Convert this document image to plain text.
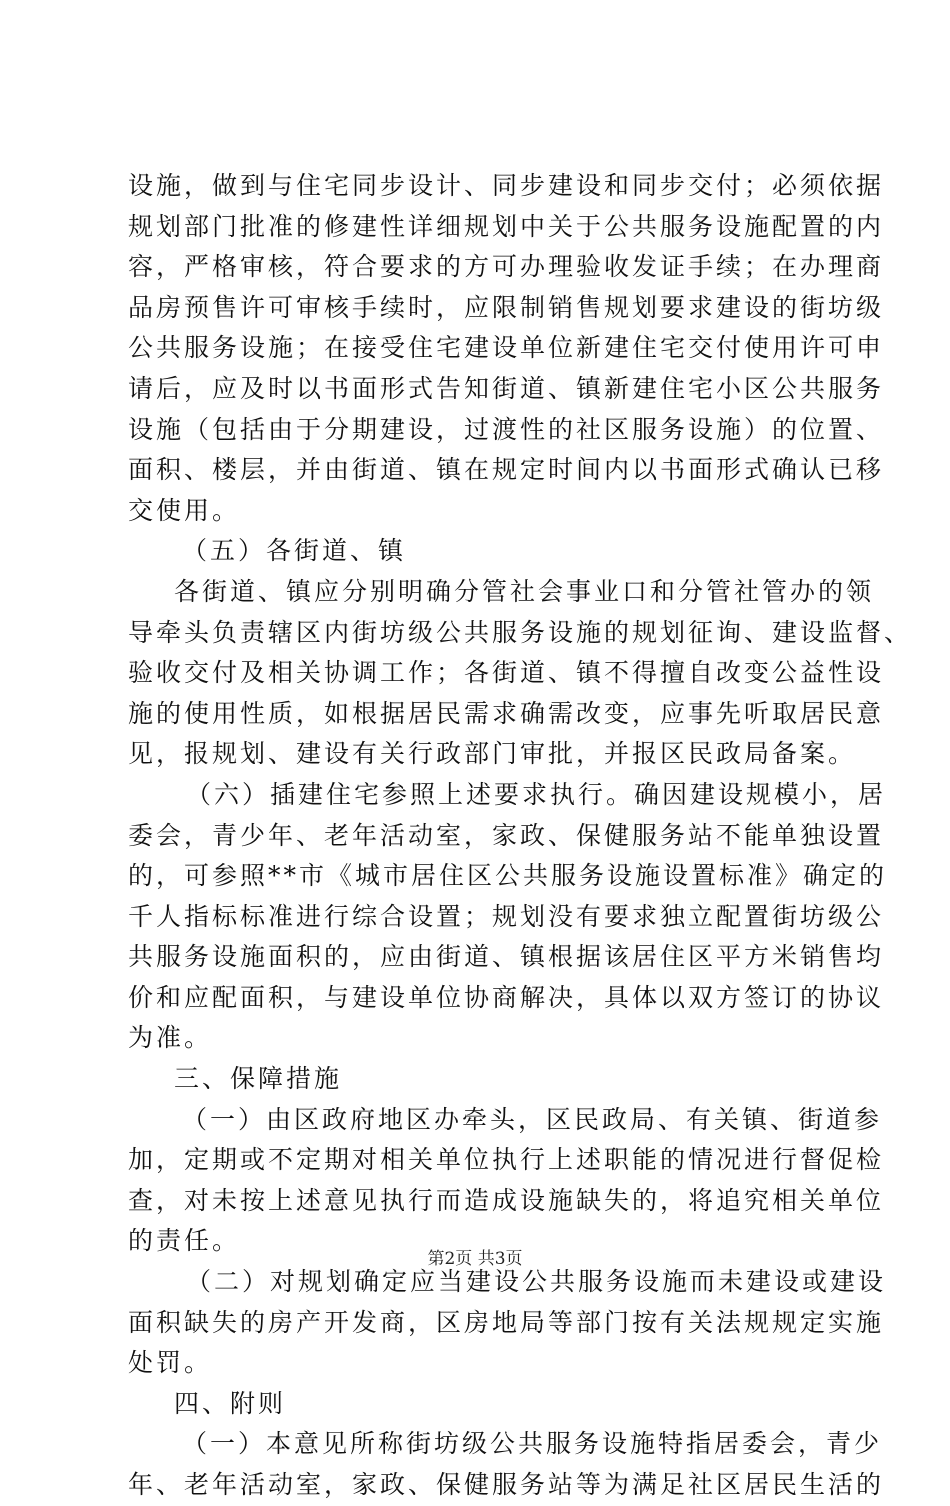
设施，做到与住宅同步设计、同步建设和同步交付；必须依据
规划部门批准的修建性详细规划中关于公共服务设施配置的内
容，严格审核，符合要求的方可办理验收发证手续；在办理商
品房预售许可审核手续时，应限制销售规划要求建设的街坊级
公共服务设施；在接受住宅建设单位新建住宅交付使用许可申
请后，应及时以书面形式告知街道、镇新建住宅小区公共服务
设施（包括由于分期建设，过渡性的社区服务设施）的位置、
面积、楼层，并由街道、镇在规定时间内以书面形式确认已移
交使用。
（五）各街道、镇
各街道、镇应分别明确分管社会事业口和分管社管办的领
导牵头负责辖区内街坊级公共服务设施的规划征询、建设监督、
验收交付及相关协调工作；各街道、镇不得擅自改变公益性设
施的使用性质，如根据居民需求确需改变，应事先听取居民意
见，报规划、建设有关行政部门审批，并报区民政局备案。
（六）插建住宅参照上述要求执行。确因建设规模小，居
委会，青少年、老年活动室，家政、保健服务站不能单独设置
的，可参照**市《城市居住区公共服务设施设置标准》确定的
千人指标标准进行综合设置；规划没有要求独立配置街坊级公
共服务设施面积的，应由街道、镇根据该居住区平方米销售均
价和应配面积，与建设单位协商解决，具体以双方签订的协议
为准。
三、保障措施
（一）由区政府地区办牵头，区民政局、有关镇、街道参
加，定期或不定期对相关单位执行上述职能的情况进行督促检
查，对未按上述意见执行而造成设施缺失的，将追究相关单位
的责任。
（二）对规划确定应当建设公共服务设施而未建设或建设
面积缺失的房产开发商，区房地局等部门按有关法规规定实施
处罚。
四、附则
（一）本意见所称街坊级公共服务设施特指居委会，青少
年、老年活动室，家政、保健服务站等为满足社区居民生活的
第2页 共3页
